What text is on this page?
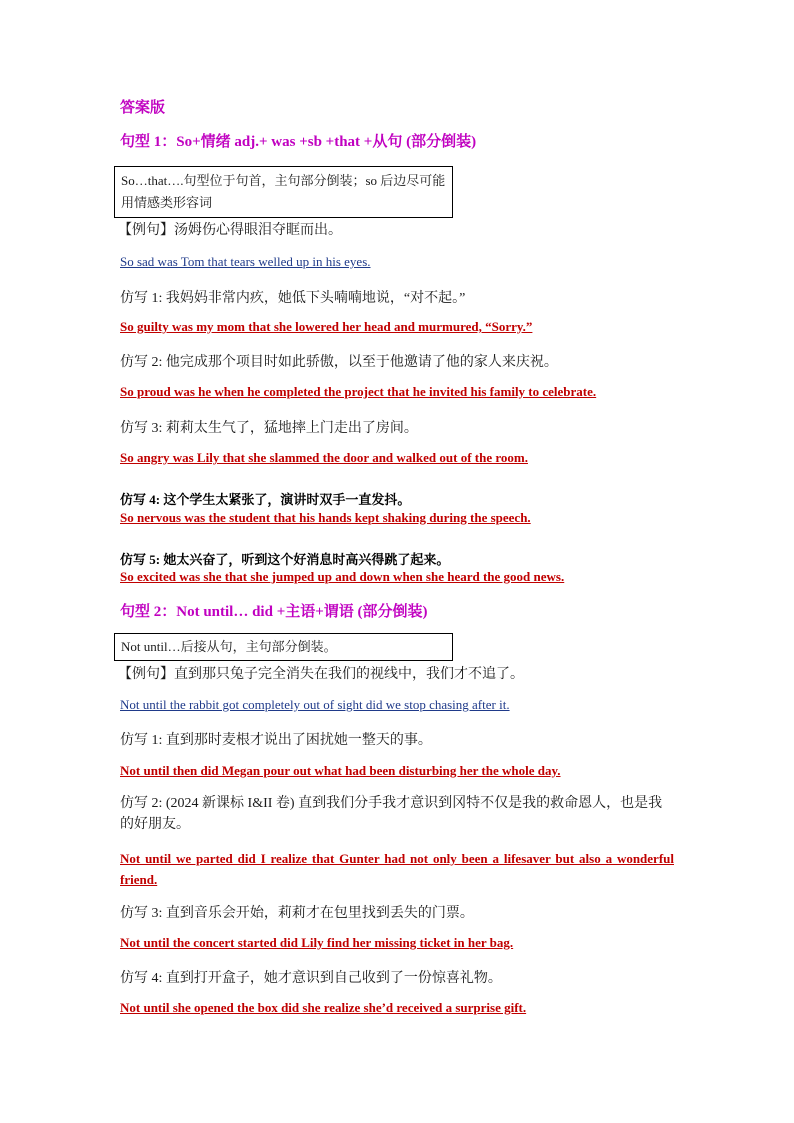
答案版
句型 1：So+情绪 adj.+ was +sb +that +从句 (部分倒装)
So…that….句型位于句首，主句部分倒装；so 后边尽可能用情感类形容词
【例句】汤姆伤心得眼泪夺眶而出。
So sad was Tom that tears welled up in his eyes.
仿写 1: 我妈妈非常内疚，她低下头喃喃地说，“对不起。”
So guilty was my mom that she lowered her head and murmured, “Sorry.”
仿写 2: 他完成那个项目时如此骄傲，以至于他邀请了他的家人来庆祝。
So proud was he when he completed the project that he invited his family to celebrate.
仿写 3: 莉莉太生气了，猛地摔上门走出了房间。
So angry was Lily that she slammed the door and walked out of the room.
仿写 4: 这个学生太紧张了，演讲时双手一直发抖。
So nervous was the student that his hands kept shaking during the speech.
仿写 5: 她太兴奋了，听到这个好消息时高兴得跳了起来。
So excited was she that she jumped up and down when she heard the good news.
句型 2：Not until… did +主语+谓语 (部分倒装)
Not until…后接从句，主句部分倒装。
【例句】直到那只兔子完全消失在我们的视线中，我们才不追了。
Not until the rabbit got completely out of sight did we stop chasing after it.
仿写 1: 直到那时麦根才说出了困扰她一整天的事。
Not until then did Megan pour out what had been disturbing her the whole day.
仿写 2: (2024 新课标 I&II 卷) 直到我们分手我才意识到冈特不仅是我的救命恩人，也是我的好朋友。
Not until we parted did I realize that Gunter had not only been a lifesaver but also a wonderful friend.
仿写 3: 直到音乐会开始，莉莉才在包里找到丢失的门票。
Not until the concert started did Lily find her missing ticket in her bag.
仿写 4: 直到打开盒子，她才意识到自己收到了一份惊喜礼物。
Not until she opened the box did she realize she’d received a surprise gift.
